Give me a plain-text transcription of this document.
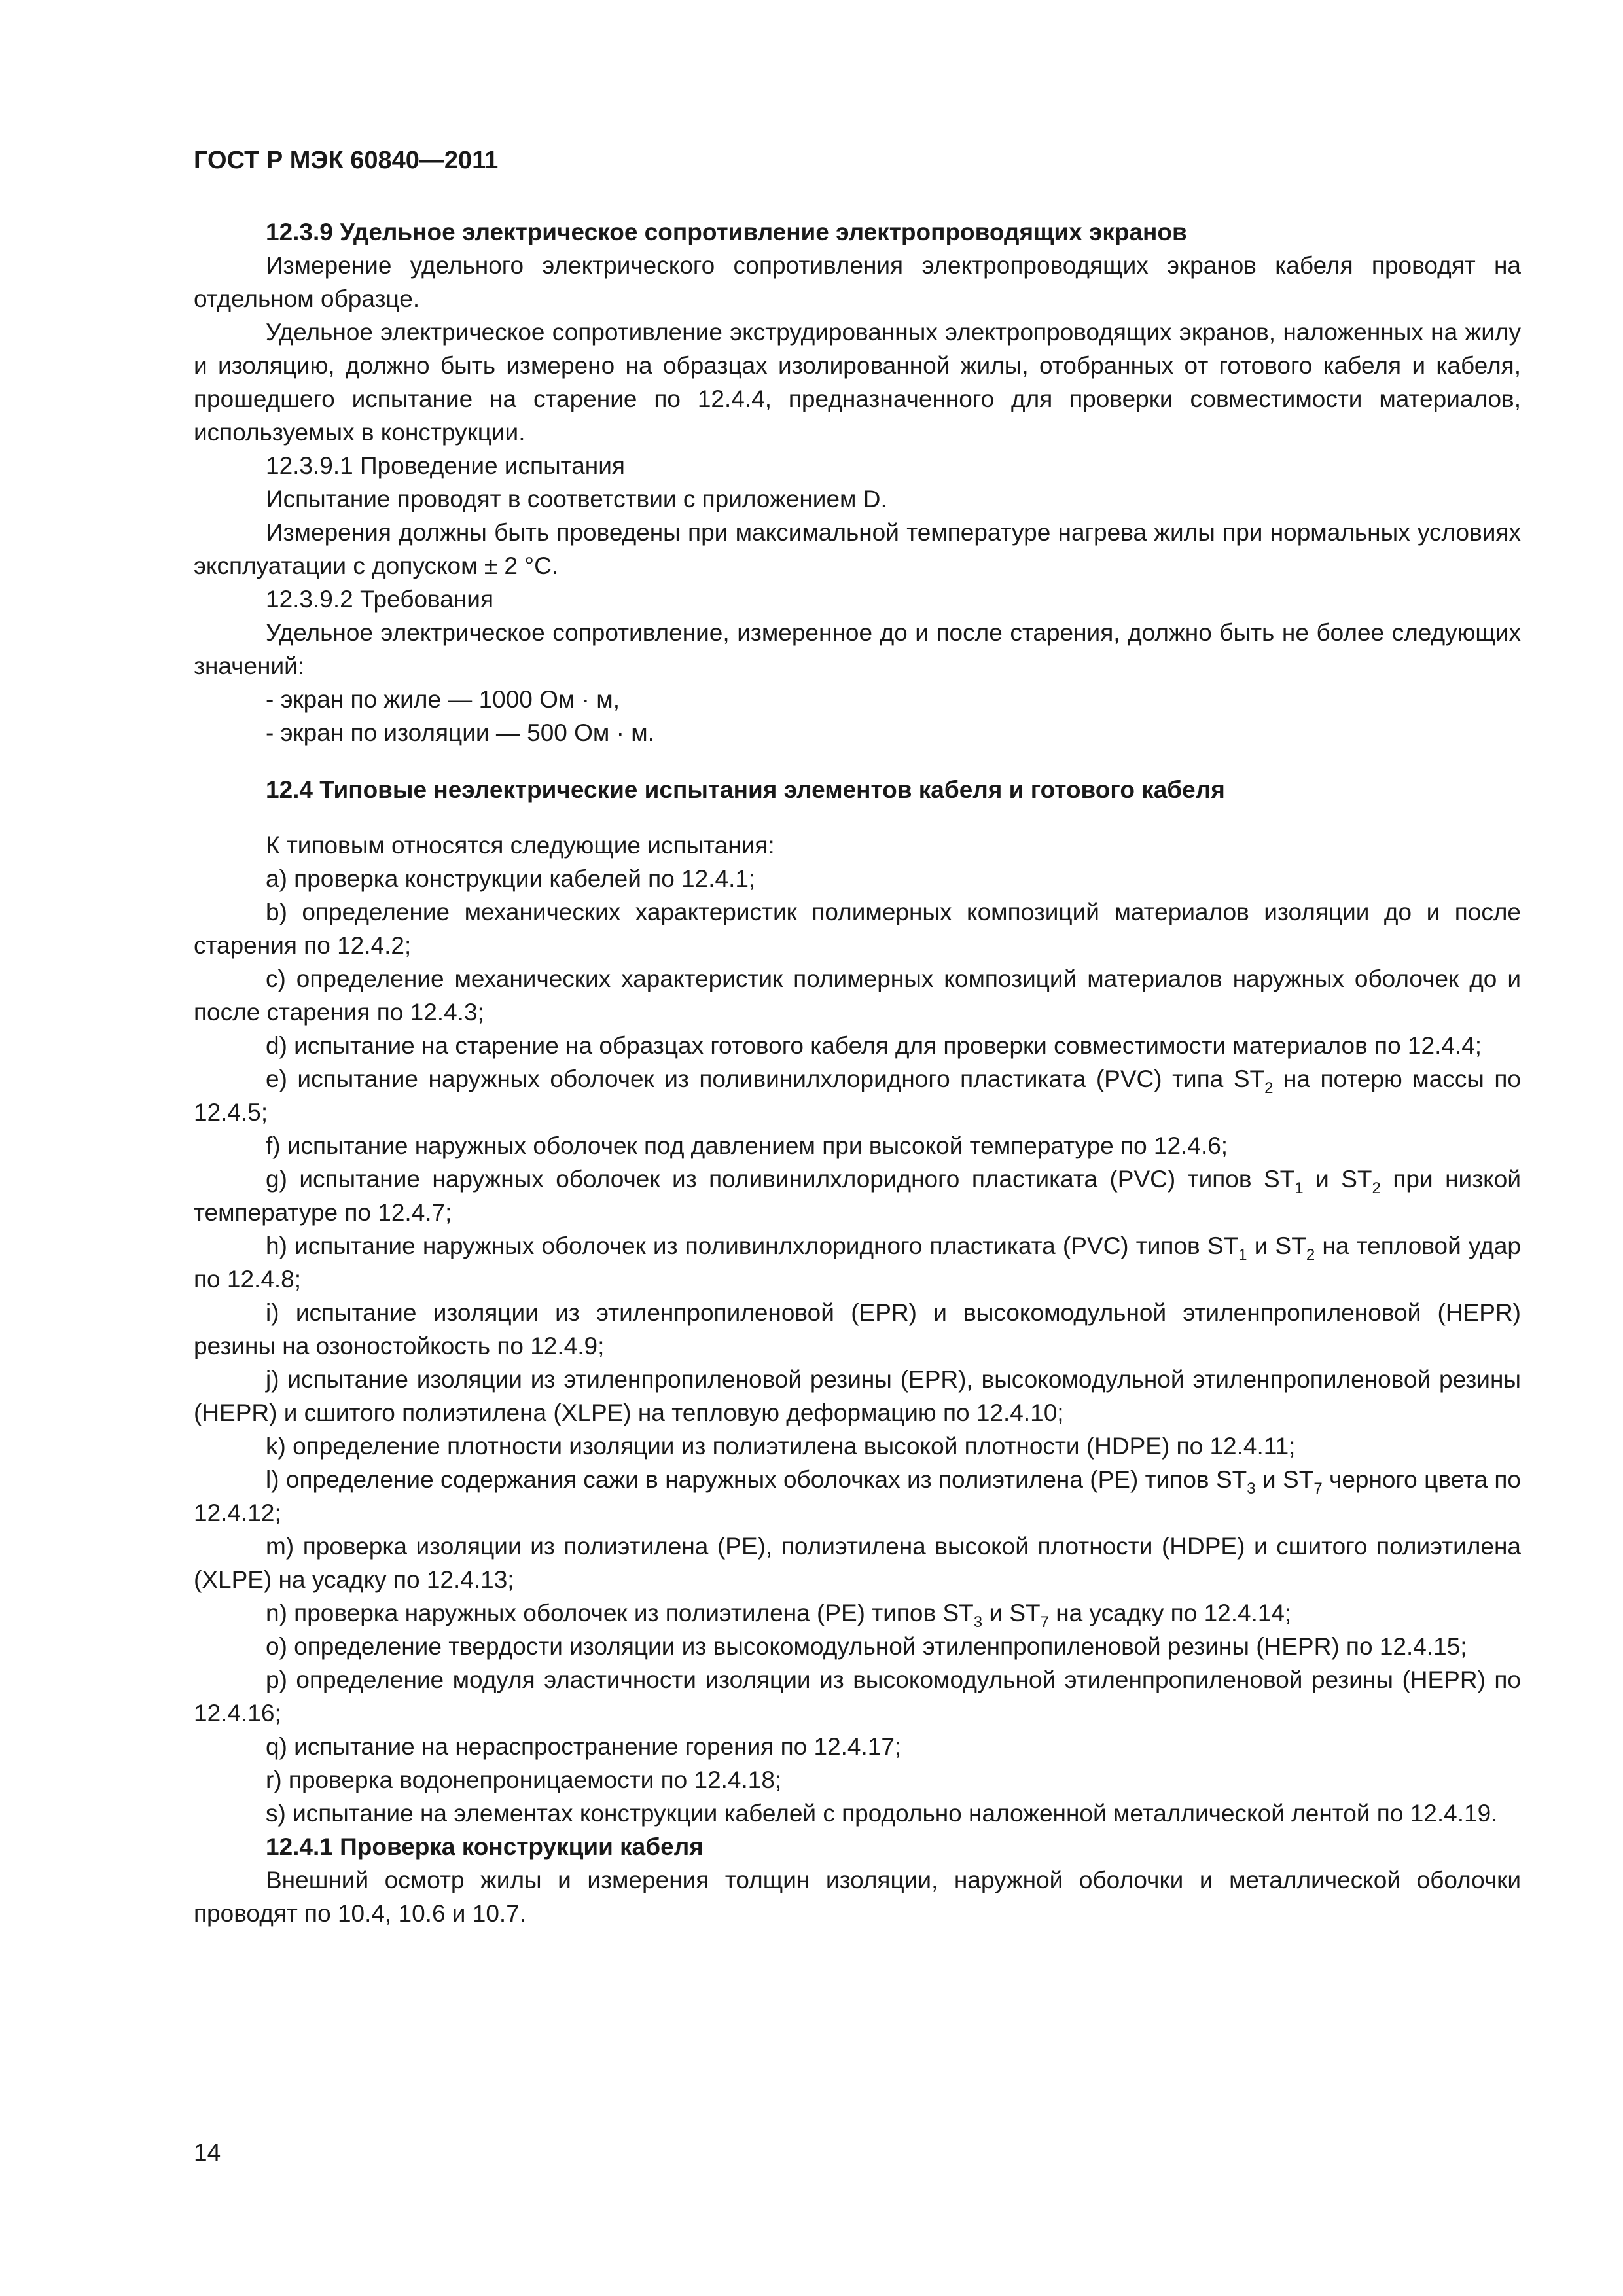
ГОСТ Р МЭК 60840—2011

12.3.9 Удельное электрическое сопротивление электропроводящих экранов

Измерение удельного электрического сопротивления электропроводящих экранов кабеля проводят на отдельном образце.

Удельное электрическое сопротивление экструдированных электропроводящих экранов, наложенных на жилу и изоляцию, должно быть измерено на образцах изолированной жилы, отобранных от готового кабеля и кабеля, прошедшего испытание на старение по 12.4.4, предназначенного для проверки совместимости материалов, используемых в конструкции.

12.3.9.1 Проведение испытания

Испытание проводят в соответствии с приложением D.

Измерения должны быть проведены при максимальной температуре нагрева жилы при нормальных условиях эксплуатации с допуском ± 2 °С.

12.3.9.2 Требования

Удельное электрическое сопротивление, измеренное до и после старения, должно быть не более следующих значений:

- экран по жиле — 1000 Ом · м,

- экран по изоляции — 500 Ом · м.

12.4 Типовые неэлектрические испытания элементов кабеля и готового кабеля

К типовым относятся следующие испытания:

а) проверка конструкции кабелей по 12.4.1;

b) определение механических характеристик полимерных композиций материалов изоляции до и после старения по 12.4.2;

с) определение механических характеристик полимерных композиций материалов наружных оболочек до и после старения по 12.4.3;

d) испытание на старение на образцах готового кабеля для проверки совместимости материалов по 12.4.4;

е) испытание наружных оболочек из поливинилхлоридного пластиката (PVC) типа $ST_2$ на потерю массы по 12.4.5;

f) испытание наружных оболочек под давлением при высокой температуре по 12.4.6;

g) испытание наружных оболочек из поливинилхлоридного пластиката (PVC) типов $ST_1$ и $ST_2$ при низкой температуре по 12.4.7;

h) испытание наружных оболочек из поливинлхлоридного пластиката (PVC) типов $ST_1$ и $ST_2$ на тепловой удар по 12.4.8;

i) испытание изоляции из этиленпропиленовой (EPR) и высокомодульной этиленпропиленовой (HEPR) резины на озоностойкость по 12.4.9;

j) испытание изоляции из этиленпропиленовой резины (EPR), высокомодульной этиленпропиленовой резины (HEPR) и сшитого полиэтилена (XLPE) на тепловую деформацию по 12.4.10;

k) определение плотности изоляции из полиэтилена высокой плотности (HDPE) по 12.4.11;

l) определение содержания сажи в наружных оболочках из полиэтилена (PE) типов $ST_3$ и $ST_7$ черного цвета по 12.4.12;

m) проверка изоляции из полиэтилена (PE), полиэтилена высокой плотности (HDPE) и сшитого полиэтилена (XLPE) на усадку по 12.4.13;

n) проверка наружных оболочек из полиэтилена (PE) типов $ST_3$ и $ST_7$ на усадку по 12.4.14;

о) определение твердости изоляции из высокомодульной этиленпропиленовой резины (HEPR) по 12.4.15;

р) определение модуля эластичности изоляции из высокомодульной этиленпропиленовой резины (HEPR) по 12.4.16;

q) испытание на нераспространение горения по 12.4.17;

r) проверка водонепроницаемости по 12.4.18;

s) испытание на элементах конструкции кабелей с продольно наложенной металлической лентой по 12.4.19.

12.4.1 Проверка конструкции кабеля

Внешний осмотр жилы и измерения толщин изоляции, наружной оболочки и металлической оболочки проводят по 10.4, 10.6 и 10.7.

14
